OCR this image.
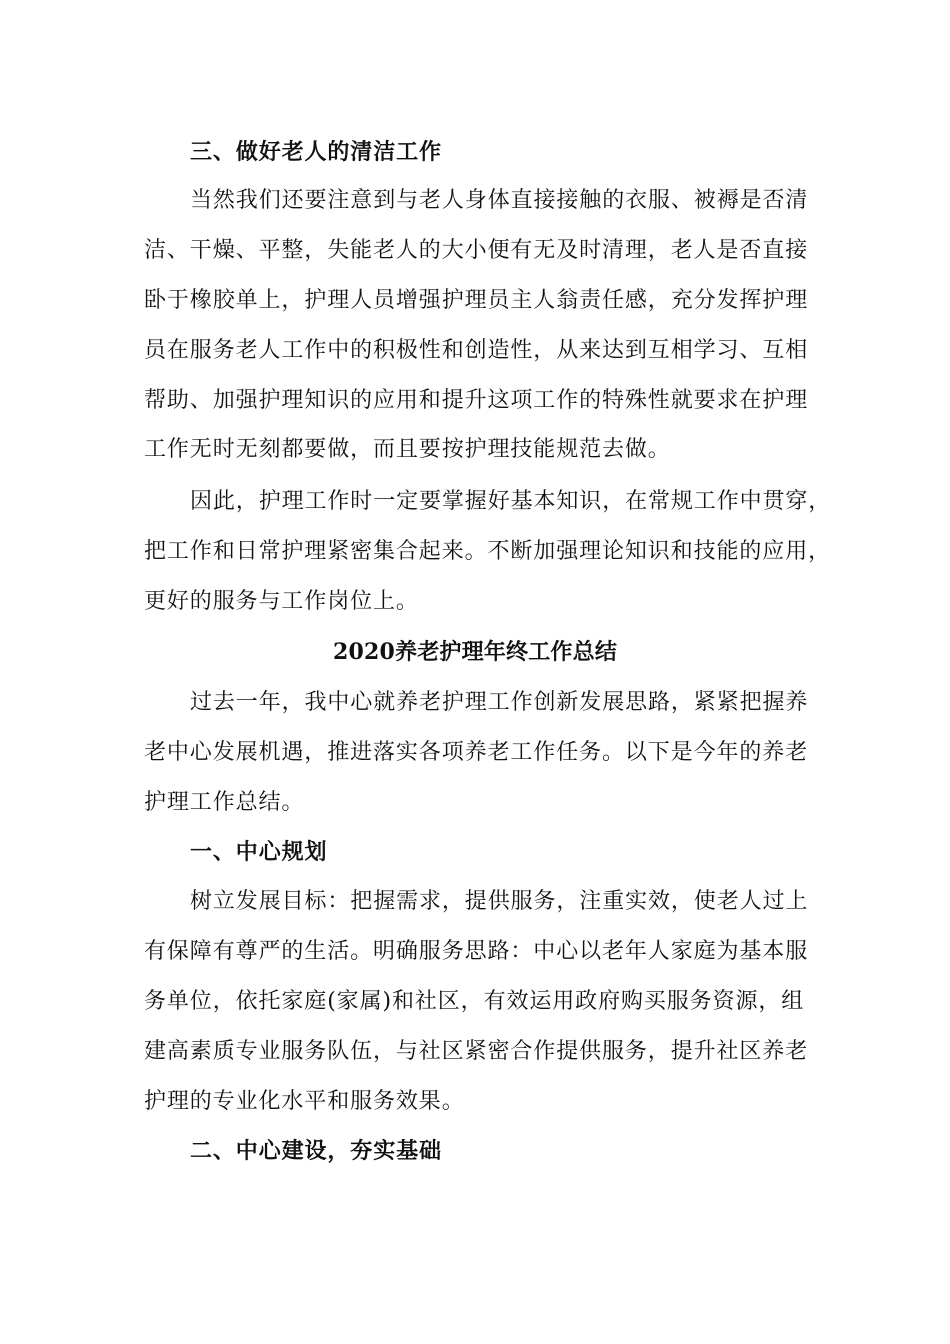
三、做好老人的清洁工作
当然我们还要注意到与老人身体直接接触的衣服、被褥是否清
洁、干燥、平整，失能老人的大小便有无及时清理，老人是否直接
卧于橡胶单上，护理人员增强护理员主人翁责任感，充分发挥护理
员在服务老人工作中的积极性和创造性，从来达到互相学习、互相
帮助、加强护理知识的应用和提升这项工作的特殊性就要求在护理
工作无时无刻都要做，而且要按护理技能规范去做。
因此，护理工作时一定要掌握好基本知识，在常规工作中贯穿，
把工作和日常护理紧密集合起来。不断加强理论知识和技能的应用，
更好的服务与工作岗位上。
2020养老护理年终工作总结
过去一年，我中心就养老护理工作创新发展思路，紧紧把握养
老中心发展机遇，推进落实各项养老工作任务。以下是今年的养老
护理工作总结。
一、中心规划
树立发展目标：把握需求，提供服务，注重实效，使老人过上
有保障有尊严的生活。明确服务思路：中心以老年人家庭为基本服
务单位，依托家庭(家属)和社区，有效运用政府购买服务资源，组
建高素质专业服务队伍，与社区紧密合作提供服务，提升社区养老
护理的专业化水平和服务效果。
二、中心建设，夯实基础
